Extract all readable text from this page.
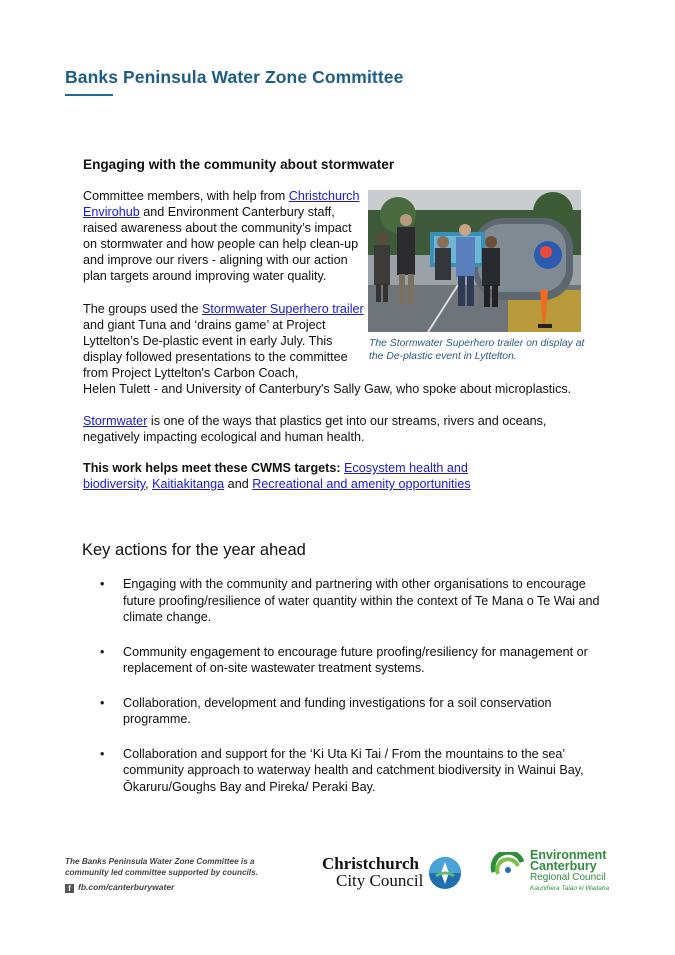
Banks Peninsula Water Zone Committee
Engaging with the community about stormwater
Committee members, with help from Christchurch Envirohub and Environment Canterbury staff, raised awareness about the community’s impact on stormwater and how people can help clean-up and improve our rivers - aligning with our action plan targets around improving water quality.
The groups used the Stormwater Superhero trailer and giant Tuna and ‘drains game’ at Project Lyttelton’s De-plastic event in early July. This display followed presentations to the committee from Project Lyttelton's Carbon Coach,
Helen Tulett - and University of Canterbury's Sally Gaw, who spoke about microplastics.
Stormwater is one of the ways that plastics get into our streams, rivers and oceans, negatively impacting ecological and human health.
This work helps meet these CWMS targets: Ecosystem health and biodiversity, Kaitiakitanga and Recreational and amenity opportunities
The Stormwater Superhero trailer on display at the De-plastic event in Lyttelton.
Key actions for the year ahead
• Engaging with the community and partnering with other organisations to encourage future proofing/resilience of water quantity within the context of Te Mana o Te Wai and climate change.
• Community engagement to encourage future proofing/resiliency for management or replacement of on-site wastewater treatment systems.
• Collaboration, development and funding investigations for a soil conservation programme.
• Collaboration and support for the ‘Ki Uta Ki Tai / From the mountains to the sea’ community approach to waterway health and catchment biodiversity in Wainui Bay, Ōkaruru/Goughs Bay and Pireka/ Peraki Bay.
The Banks Peninsula Water Zone Committee is a community led committee supported by councils.
f fb.com/canterburywater
Christchurch
City Council
Environment
Canterbury
Regional Council
Kaunihera Taiao ki Waitaha
